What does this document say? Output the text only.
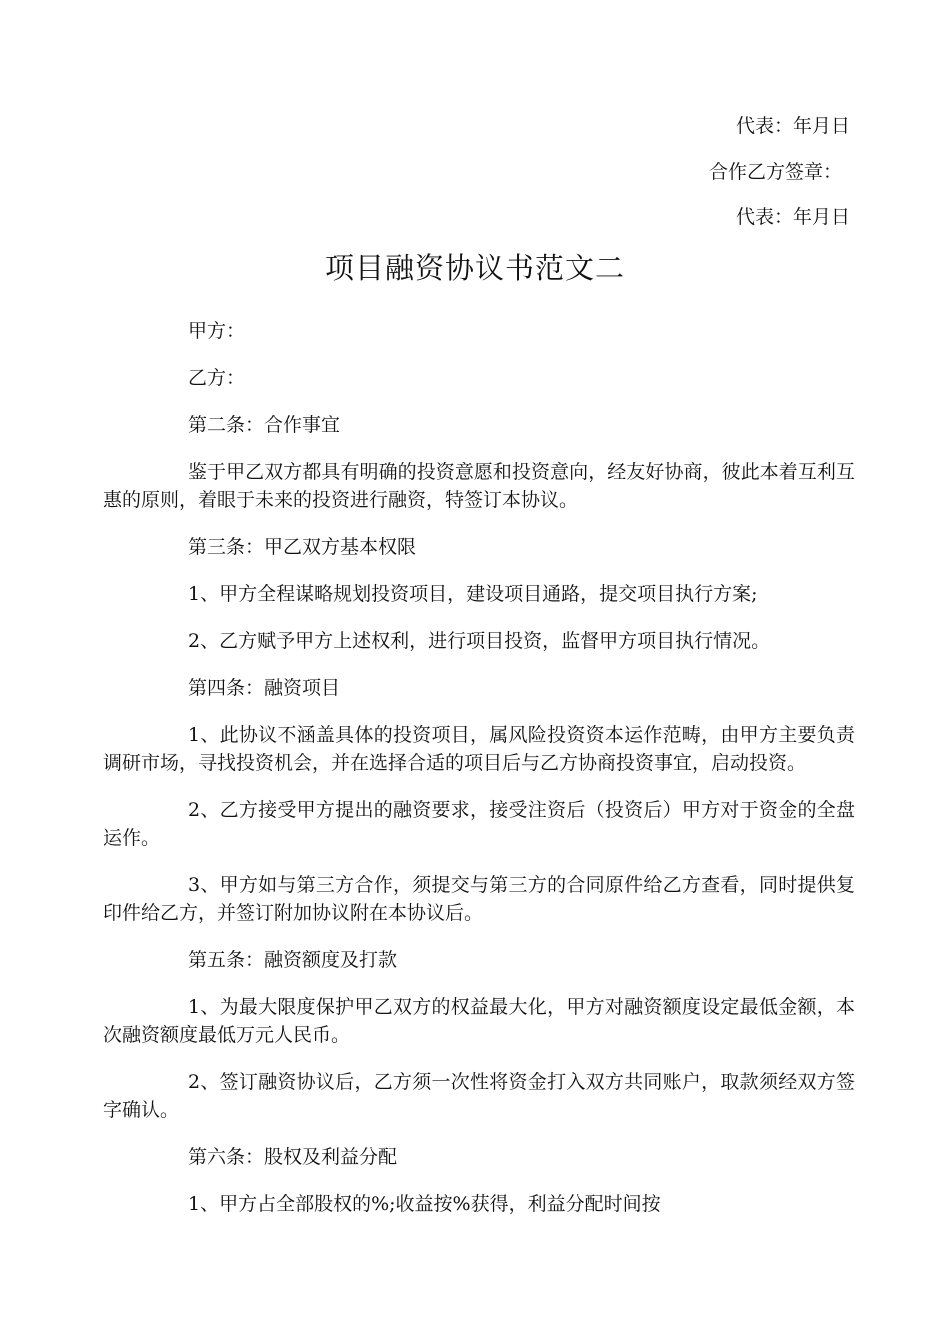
代表：年月日
合作乙方签章：
代表：年月日
项目融资协议书范文二

甲方：

乙方：

第二条：合作事宜

鉴于甲乙双方都具有明确的投资意愿和投资意向，经友好协商，彼此本着互利互惠的原则，着眼于未来的投资进行融资，特签订本协议。

第三条：甲乙双方基本权限

1、甲方全程谋略规划投资项目，建设项目通路，提交项目执行方案;

2、乙方赋予甲方上述权利，进行项目投资，监督甲方项目执行情况。

第四条：融资项目

1、此协议不涵盖具体的投资项目，属风险投资资本运作范畴，由甲方主要负责调研市场，寻找投资机会，并在选择合适的项目后与乙方协商投资事宜，启动投资。

2、乙方接受甲方提出的融资要求，接受注资后（投资后）甲方对于资金的全盘运作。

3、甲方如与第三方合作，须提交与第三方的合同原件给乙方查看，同时提供复印件给乙方，并签订附加协议附在本协议后。

第五条：融资额度及打款

1、为最大限度保护甲乙双方的权益最大化，甲方对融资额度设定最低金额，本次融资额度最低万元人民币。

2、签订融资协议后，乙方须一次性将资金打入双方共同账户，取款须经双方签字确认。

第六条：股权及利益分配

1、甲方占全部股权的%;收益按%获得，利益分配时间按
